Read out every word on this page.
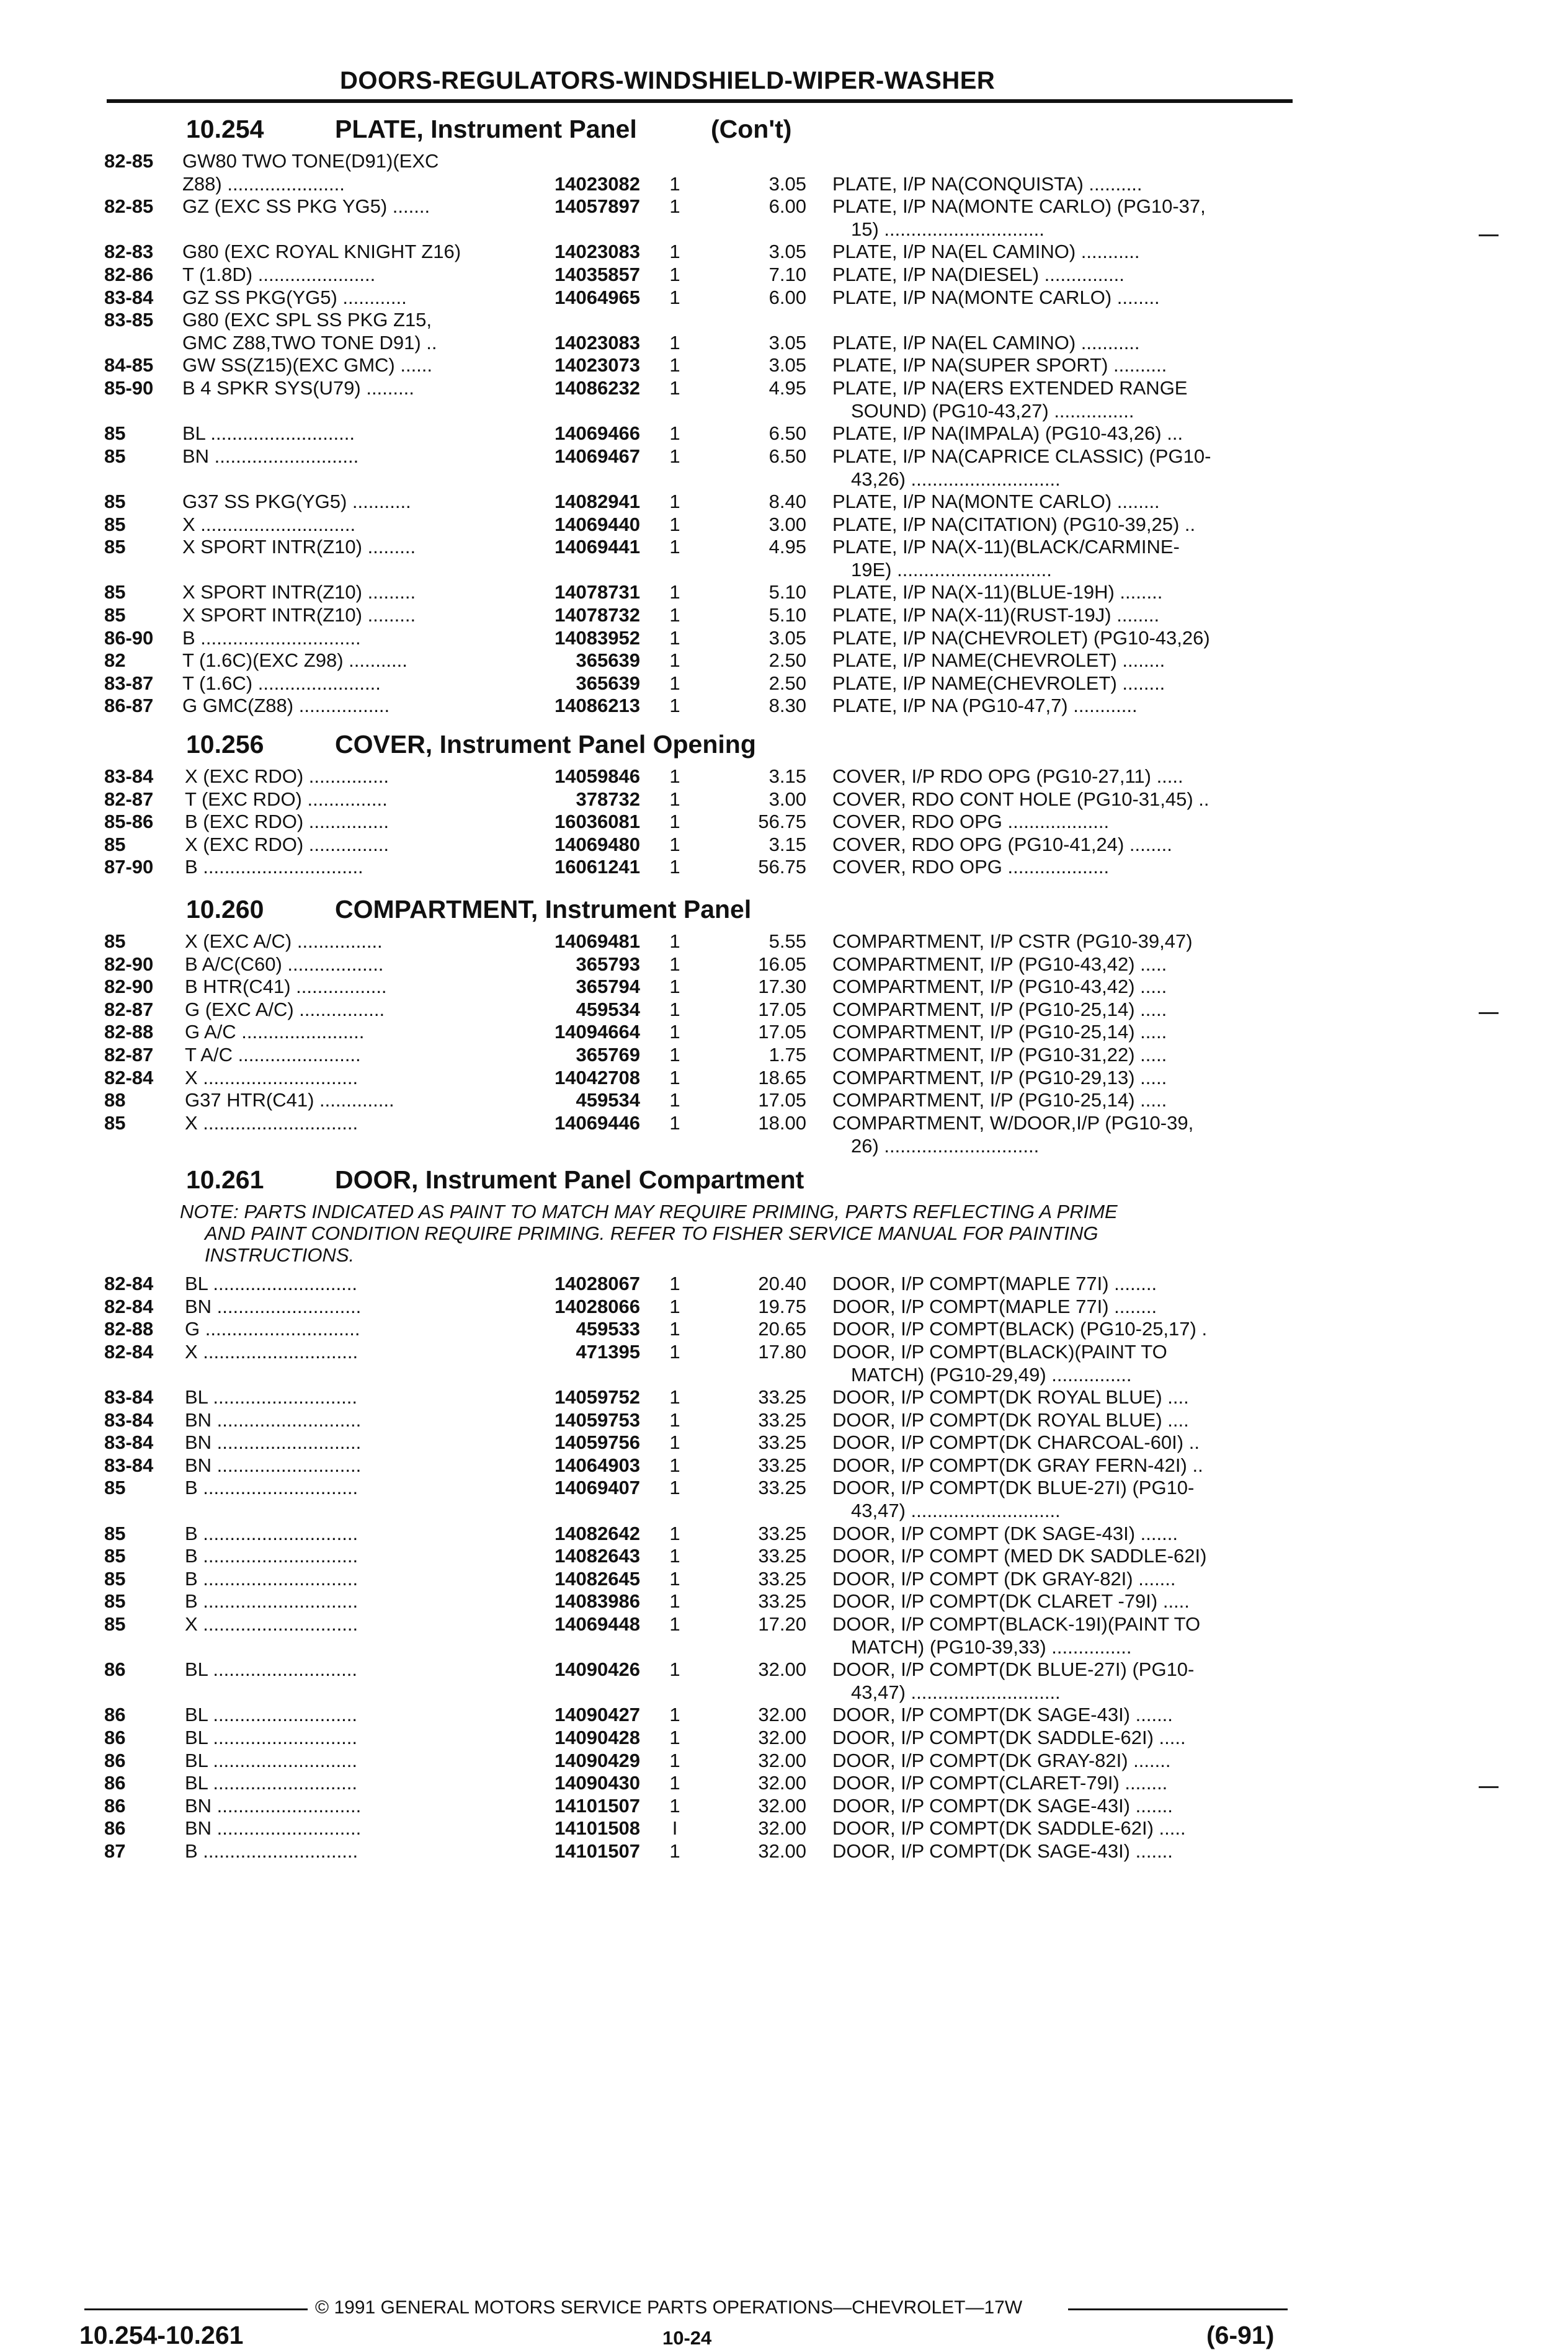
DOORS-REGULATORS-WINDSHIELD-WIPER-WASHER
10.254	PLATE, Instrument Panel	(Con't)
82-85	GW80 TWO TONE(D91)(EXC
Z88) ......................	14023082 1	3.05 PLATE, I/P NA(CONQUISTA) ..........
82-85	GZ (EXC SS PKG YG5) .......	14057897 1	6.00 PLATE, I/P NA(MONTE CARLO) (PG10-37,
15) ..............................
82-83	G80 (EXC ROYAL KNIGHT Z16)	14023083 1	3.05 PLATE, I/P NA(EL CAMINO) ...........
82-86	T (1.8D) ......................	14035857 1	7.10 PLATE, I/P NA(DIESEL) ...............
83-84	GZ SS PKG(YG5) ............	14064965 1	6.00 PLATE, I/P NA(MONTE CARLO) ........
83-85	G80 (EXC SPL SS PKG Z15,
GMC Z88,TWO TONE D91) ..	14023083 1	3.05 PLATE, I/P NA(EL CAMINO) ...........
84-85	GW SS(Z15)(EXC GMC) ......	14023073 1	3.05 PLATE, I/P NA(SUPER SPORT) ..........
85-90	B 4 SPKR SYS(U79) .........	14086232 1	4.95 PLATE, I/P NA(ERS EXTENDED RANGE
SOUND) (PG10-43,27) ...............
85	BL ...........................	14069466 1	6.50 PLATE, I/P NA(IMPALA) (PG10-43,26) ...
85	BN ...........................	14069467 1	6.50 PLATE, I/P NA(CAPRICE CLASSIC) (PG10-
43,26) ............................
85	G37 SS PKG(YG5) ...........	14082941 1	8.40 PLATE, I/P NA(MONTE CARLO) ........
85	X .............................	14069440 1	3.00 PLATE, I/P NA(CITATION) (PG10-39,25) ..
85	X SPORT INTR(Z10) .........	14069441 1	4.95 PLATE, I/P NA(X-11)(BLACK/CARMINE-
19E) .............................
85	X SPORT INTR(Z10) .........	14078731 1	5.10 PLATE, I/P NA(X-11)(BLUE-19H) ........
85	X SPORT INTR(Z10) .........	14078732 1	5.10 PLATE, I/P NA(X-11)(RUST-19J) ........
86-90	B ..............................	14083952 1	3.05 PLATE, I/P NA(CHEVROLET) (PG10-43,26)
82	T (1.6C)(EXC Z98) ...........	365639 1	2.50 PLATE, I/P NAME(CHEVROLET) ........
83-87	T (1.6C) .......................	365639 1	2.50 PLATE, I/P NAME(CHEVROLET) ........
86-87	G GMC(Z88) .................	14086213 1	8.30 PLATE, I/P NA (PG10-47,7) ............
10.256	COVER, Instrument Panel Opening
83-84	X (EXC RDO) ...............	14059846 1	3.15 COVER, I/P RDO OPG (PG10-27,11) .....
82-87	T (EXC RDO) ...............	378732 1	3.00 COVER, RDO CONT HOLE (PG10-31,45) ..
85-86	B (EXC RDO) ...............	16036081 1	56.75 COVER, RDO OPG ...................
85	X (EXC RDO) ...............	14069480 1	3.15 COVER, RDO OPG (PG10-41,24) ........
87-90	B ..............................	16061241 1	56.75 COVER, RDO OPG ...................
10.260	COMPARTMENT, Instrument Panel
85	X (EXC A/C) ................	14069481 1	5.55 COMPARTMENT, I/P CSTR (PG10-39,47)
82-90	B A/C(C60) ..................	365793 1	16.05 COMPARTMENT, I/P (PG10-43,42) .....
82-90	B HTR(C41) .................	365794 1	17.30 COMPARTMENT, I/P (PG10-43,42) .....
82-87	G (EXC A/C) ................	459534 1	17.05 COMPARTMENT, I/P (PG10-25,14) .....
82-88	G A/C .......................	14094664 1	17.05 COMPARTMENT, I/P (PG10-25,14) .....
82-87	T A/C .......................	365769 1	1.75 COMPARTMENT, I/P (PG10-31,22) .....
82-84	X .............................	14042708 1	18.65 COMPARTMENT, I/P (PG10-29,13) .....
88	G37 HTR(C41) ..............	459534 1	17.05 COMPARTMENT, I/P (PG10-25,14) .....
85	X .............................	14069446 1	18.00 COMPARTMENT, W/DOOR,I/P (PG10-39,
26) .............................
10.261	DOOR, Instrument Panel Compartment
NOTE: PARTS INDICATED AS PAINT TO MATCH MAY REQUIRE PRIMING, PARTS REFLECTING A PRIME
AND PAINT CONDITION REQUIRE PRIMING. REFER TO FISHER SERVICE MANUAL FOR PAINTING
INSTRUCTIONS.
82-84	BL ...........................	14028067 1	20.40 DOOR, I/P COMPT(MAPLE 77I) ........
82-84	BN ...........................	14028066 1	19.75 DOOR, I/P COMPT(MAPLE 77I) ........
82-88	G .............................	459533 1	20.65 DOOR, I/P COMPT(BLACK) (PG10-25,17) .
82-84	X .............................	471395 1	17.80 DOOR, I/P COMPT(BLACK)(PAINT TO
MATCH) (PG10-29,49) ...............
83-84	BL ...........................	14059752 1	33.25 DOOR, I/P COMPT(DK ROYAL BLUE) ....
83-84	BN ...........................	14059753 1	33.25 DOOR, I/P COMPT(DK ROYAL BLUE) ....
83-84	BN ...........................	14059756 1	33.25 DOOR, I/P COMPT(DK CHARCOAL-60I) ..
83-84	BN ...........................	14064903 1	33.25 DOOR, I/P COMPT(DK GRAY FERN-42I) ..
85	B .............................	14069407 1	33.25 DOOR, I/P COMPT(DK BLUE-27I) (PG10-
43,47) ............................
85	B .............................	14082642 1	33.25 DOOR, I/P COMPT (DK SAGE-43I) .......
85	B .............................	14082643 1	33.25 DOOR, I/P COMPT (MED DK SADDLE-62I)
85	B .............................	14082645 1	33.25 DOOR, I/P COMPT (DK GRAY-82I) .......
85	B .............................	14083986 1	33.25 DOOR, I/P COMPT(DK CLARET -79I) .....
85	X .............................	14069448 1	17.20 DOOR, I/P COMPT(BLACK-19I)(PAINT TO
MATCH) (PG10-39,33) ...............
86	BL ...........................	14090426 1	32.00 DOOR, I/P COMPT(DK BLUE-27I) (PG10-
43,47) ............................
86	BL ...........................	14090427 1	32.00 DOOR, I/P COMPT(DK SAGE-43I) .......
86	BL ...........................	14090428 1	32.00 DOOR, I/P COMPT(DK SADDLE-62I) .....
86	BL ...........................	14090429 1	32.00 DOOR, I/P COMPT(DK GRAY-82I) .......
86	BL ...........................	14090430 1	32.00 DOOR, I/P COMPT(CLARET-79I) ........
86	BN ...........................	14101507 1	32.00 DOOR, I/P COMPT(DK SAGE-43I) .......
86	BN ...........................	14101508 I	32.00 DOOR, I/P COMPT(DK SADDLE-62I) .....
87	B .............................	14101507 1	32.00 DOOR, I/P COMPT(DK SAGE-43I) .......
© 1991 GENERAL MOTORS SERVICE PARTS OPERATIONS—CHEVROLET—17W
10.254-10.261	10-24	(6-91)
